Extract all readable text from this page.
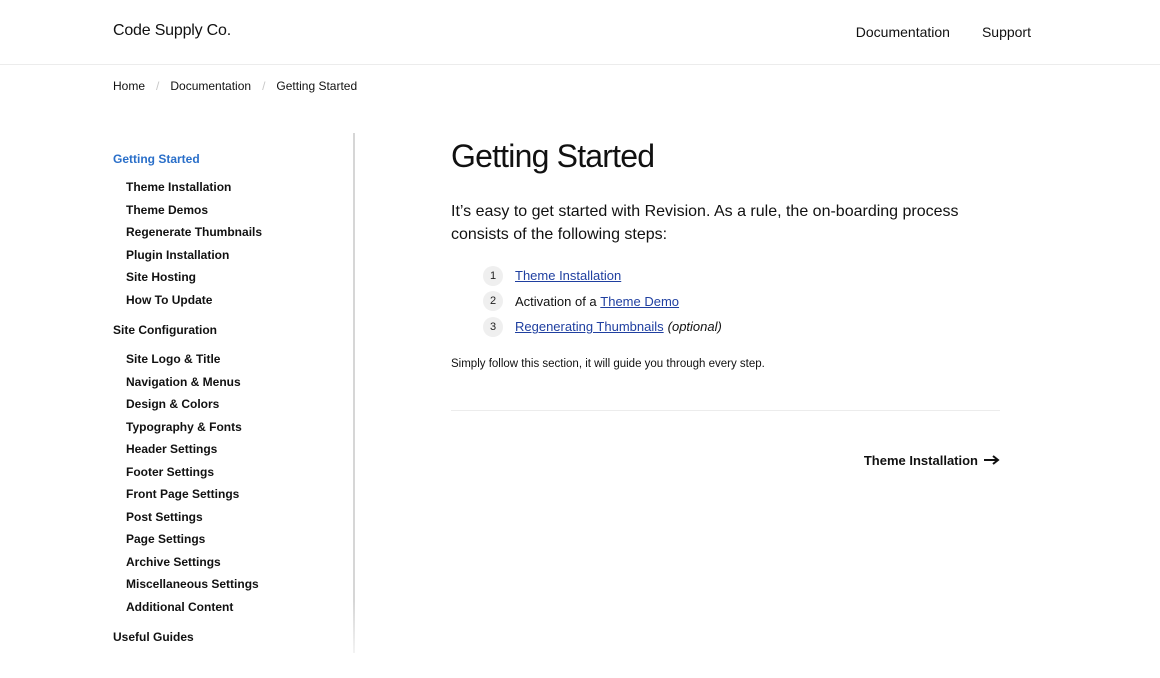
Code Supply Co.	Documentation Support
Home / Documentation / Getting Started
Getting Started
Theme Installation
Theme Demos
Regenerate Thumbnails
Plugin Installation
Site Hosting
How To Update
Site Configuration
Site Logo & Title
Navigation & Menus
Design & Colors
Typography & Fonts
Header Settings
Footer Settings
Front Page Settings
Post Settings
Page Settings
Archive Settings
Miscellaneous Settings
Additional Content
Useful Guides
Getting Started

It’s easy to get started with Revision. As a rule, the on-boarding process consists of the following steps:

1	Theme Installation
2	Activation of a Theme Demo
3	Regenerating Thumbnails (optional)

Simply follow this section, it will guide you through every step.

Theme Installation
